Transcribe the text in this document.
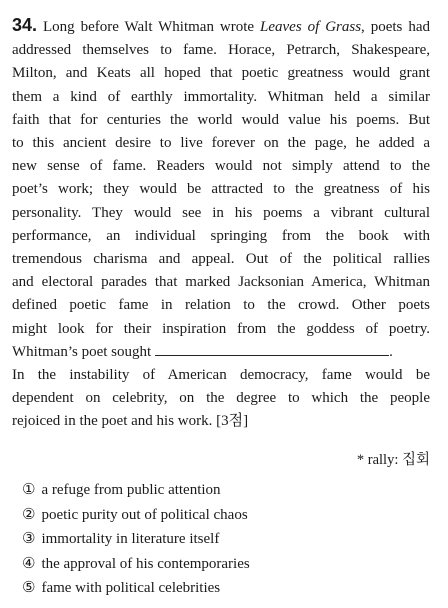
34. Long before Walt Whitman wrote Leaves of Grass, poets had
addressed themselves to fame. Horace, Petrarch, Shakespeare,
Milton, and Keats all hoped that poetic greatness would grant
them a kind of earthly immortality. Whitman held a similar
faith that for centuries the world would value his poems. But
to this ancient desire to live forever on the page, he added a
new sense of fame. Readers would not simply attend to the
poet’s work; they would be attracted to the greatness of his
personality. They would see in his poems a vibrant cultural
performance, an individual springing from the book with
tremendous charisma and appeal. Out of the political rallies
and electoral parades that marked Jacksonian America, Whitman
defined poetic fame in relation to the crowd. Other poets
might look for their inspiration from the goddess of poetry.
Whitman’s poet sought	.
In the instability of American democracy, fame would be
dependent on celebrity, on the degree to which the people
rejoiced in the poet and his work. [3점]
* rally: 집회
① a refuge from public attention
② poetic purity out of political chaos
③ immortality in literature itself
④ the approval of his contemporaries
⑤ fame with political celebrities
